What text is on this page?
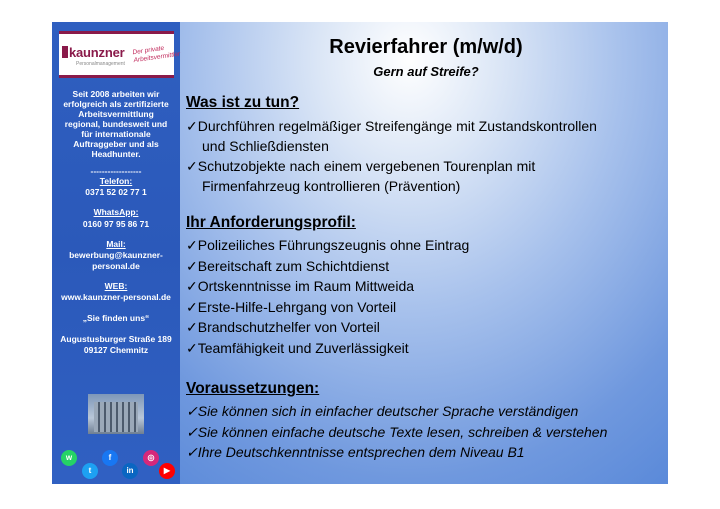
kaunzner
Personalmanagement
Der private Arbeitsvermittler
Seit 2008 arbeiten wir
erfolgreich als zertifizierte
Arbeitsvermittlung
regional, bundesweit und
für internationale
Auftraggeber und als
Headhunter.
------------------
Telefon:
0371 52 02 77 1
WhatsApp:
0160 97 95 86 71
Mail:
bewerbung@kaunzner-
personal.de
WEB:
www.kaunzner-personal.de
„Sie finden uns“
Augustusburger Straße 189
09127 Chemnitz
w	f	◎
t	in	▶
Revierfahrer (m/w/d)
Gern auf Streife?
Was ist zu tun?
✓Durchführen regelmäßiger Streifengänge mit Zustandskontrollen
und Schließdiensten
✓Schutzobjekte nach einem vergebenen Tourenplan mit
Firmenfahrzeug kontrollieren (Prävention)
Ihr Anforderungsprofil:
✓Polizeiliches Führungszeugnis ohne Eintrag
✓Bereitschaft zum Schichtdienst
✓Ortskenntnisse im Raum Mittweida
✓Erste-Hilfe-Lehrgang von Vorteil
✓Brandschutzhelfer von Vorteil
✓Teamfähigkeit und Zuverlässigkeit
Voraussetzungen:
✓Sie können sich in einfacher deutscher Sprache verständigen
✓Sie können einfache deutsche Texte lesen, schreiben & verstehen
✓Ihre Deutschkenntnisse entsprechen dem Niveau B1
